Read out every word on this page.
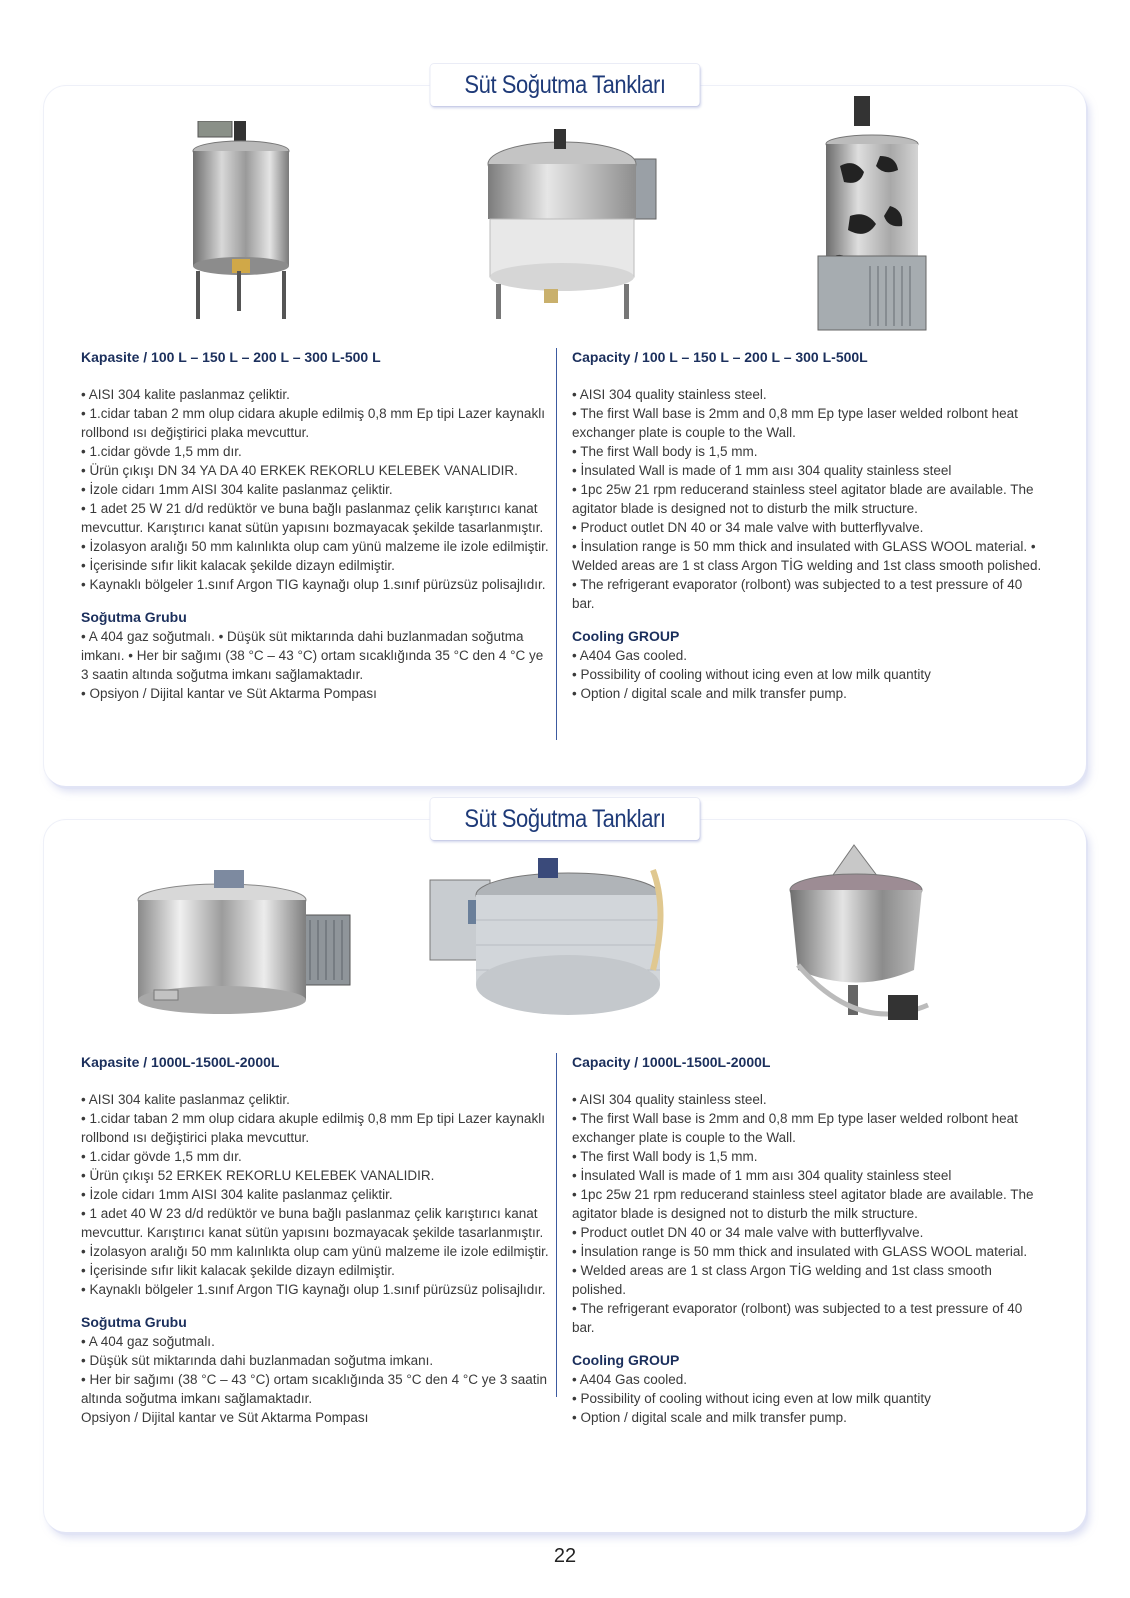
Süt Soğutma Tankları
Kapasite / 100 L – 150 L – 200 L – 300 L-500 L

• AISI 304 kalite paslanmaz çeliktir.

• 1.cidar taban 2 mm olup cidara akuple edilmiş 0,8 mm Ep tipi Lazer kaynaklı rollbond ısı değiştirici plaka mevcuttur.

• 1.cidar gövde 1,5 mm dır.

• Ürün çıkışı DN 34 YA DA 40 ERKEK REKORLU KELEBEK VANALIDIR.

• İzole cidarı 1mm AISI 304 kalite paslanmaz çeliktir.

• 1 adet 25 W 21 d/d redüktör ve buna bağlı paslanmaz çelik karıştırıcı kanat mevcuttur. Karıştırıcı kanat sütün yapısını bozmayacak şekilde tasarlanmıştır. • İzolasyon aralığı 50 mm kalınlıkta olup cam yünü malzeme ile izole edilmiştir. • İçerisinde sıfır likit kalacak şekilde dizayn edilmiştir.

• Kaynaklı bölgeler 1.sınıf Argon TIG kaynağı olup 1.sınıf pürüzsüz polisajlıdır.

Soğutma Grubu

• A 404 gaz soğutmalı. • Düşük süt miktarında dahi buzlanmadan soğutma imkanı. • Her bir sağımı (38 °C – 43 °C) ortam sıcaklığında 35 °C den 4 °C ye 3 saatin altında soğutma imkanı sağlamaktadır.

• Opsiyon / Dijital kantar ve Süt Aktarma Pompası

Capacity / 100 L – 150 L – 200 L – 300 L-500L

• AISI 304 quality stainless steel.

• The first Wall base is 2mm and 0,8 mm Ep type laser welded rolbont heat exchanger plate is couple to the Wall.

• The first Wall body is 1,5 mm.

• İnsulated Wall is made of 1 mm aısı 304 quality stainless steel

• 1pc 25w 21 rpm reducerand stainless steel agitator blade are available. The agitator blade is designed not to disturb the milk structure.

• Product outlet DN 40 or 34 male valve with butterflyvalve.

• İnsulation range is 50 mm thick and insulated with GLASS WOOL material. • Welded areas are 1 st class Argon TİG welding and 1st class smooth polished. • The refrigerant evaporator (rolbont) was subjected to a test pressure of 40 bar.

Cooling GROUP

• A404 Gas cooled.

• Possibility of cooling without icing even at low milk quantity

• Option / digital scale and milk transfer pump.

Süt Soğutma Tankları
Kapasite / 1000L-1500L-2000L

• AISI 304 kalite paslanmaz çeliktir.

• 1.cidar taban 2 mm olup cidara akuple edilmiş 0,8 mm Ep tipi Lazer kaynaklı rollbond ısı değiştirici plaka mevcuttur.

• 1.cidar gövde 1,5 mm dır.

• Ürün çıkışı 52 ERKEK REKORLU KELEBEK VANALIDIR.

• İzole cidarı 1mm AISI 304 kalite paslanmaz çeliktir.

• 1 adet 40 W 23 d/d redüktör ve buna bağlı paslanmaz çelik karıştırıcı kanat mevcuttur. Karıştırıcı kanat sütün yapısını bozmayacak şekilde tasarlanmıştır.

• İzolasyon aralığı 50 mm kalınlıkta olup cam yünü malzeme ile izole edilmiştir.

• İçerisinde sıfır likit kalacak şekilde dizayn edilmiştir.

• Kaynaklı bölgeler 1.sınıf Argon TIG kaynağı olup 1.sınıf pürüzsüz polisajlıdır.

Soğutma Grubu

• A 404 gaz soğutmalı.

• Düşük süt miktarında dahi buzlanmadan soğutma imkanı.

• Her bir sağımı (38 °C – 43 °C) ortam sıcaklığında 35 °C den 4 °C ye 3 saatin altında soğutma imkanı sağlamaktadır.

Opsiyon / Dijital kantar ve Süt Aktarma Pompası

Capacity / 1000L-1500L-2000L

• AISI 304 quality stainless steel.

• The first Wall base is 2mm and 0,8 mm Ep type laser welded rolbont heat exchanger plate is couple to the Wall.

• The first Wall body is 1,5 mm.

• İnsulated Wall is made of 1 mm aısı 304 quality stainless steel

• 1pc 25w 21 rpm reducerand stainless steel agitator blade are available. The agitator blade is designed not to disturb the milk structure.

• Product outlet DN 40 or 34 male valve with butterflyvalve.

• İnsulation range is 50 mm thick and insulated with GLASS WOOL material.

• Welded areas are 1 st class Argon TİG welding and 1st class smooth polished.

• The refrigerant evaporator (rolbont) was subjected to a test pressure of 40 bar.

Cooling GROUP

• A404 Gas cooled.

• Possibility of cooling without icing even at low milk quantity

• Option / digital scale and milk transfer pump.

22
